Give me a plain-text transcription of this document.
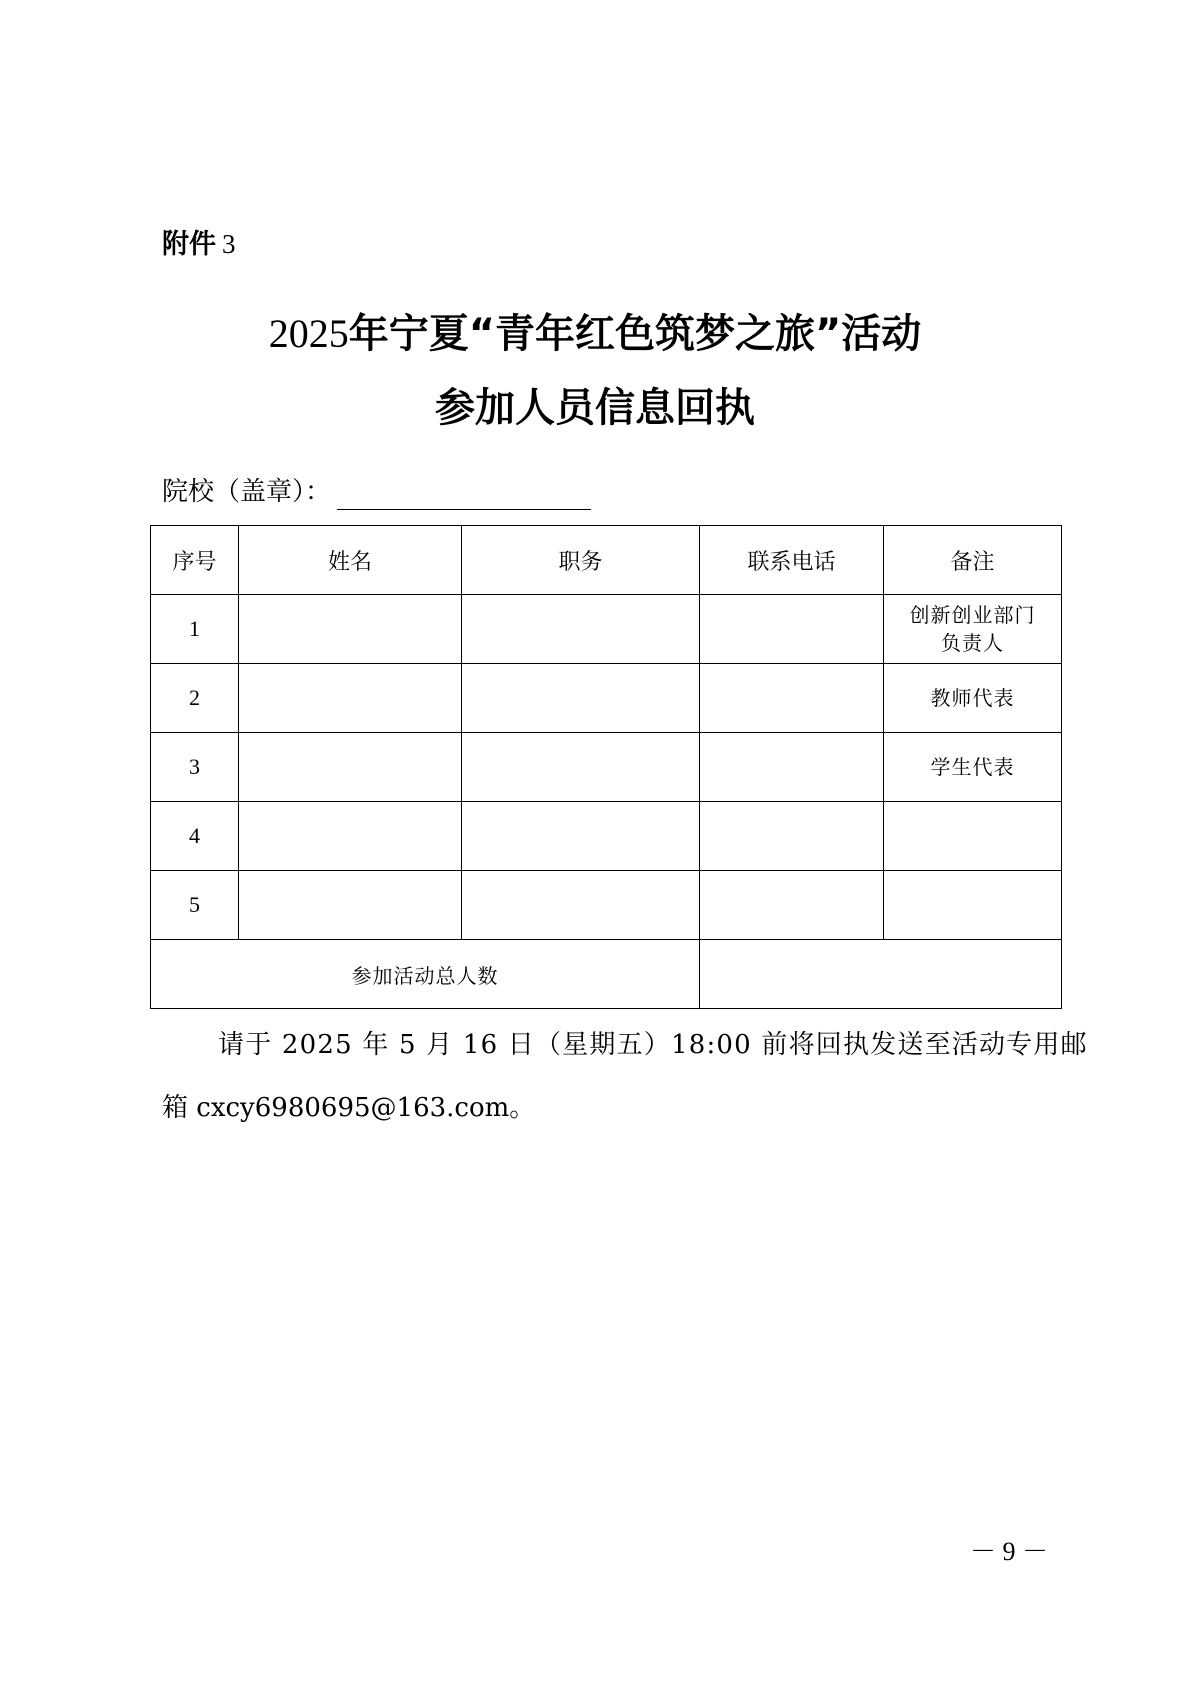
附件 3
2025年宁夏“青年红色筑梦之旅”活动
参加人员信息回执
院校（盖章）：
序号	姓名	职务	联系电话	备注
1				创新创业部门
负责人

2				教师代表

3				学生代表

4				
5				
参加活动总人数				
请于 2025 年 5 月 16 日（星期五）18:00 前将回执发送至活动专用邮
箱 cxcy6980695@163.com。
－ 9 －
